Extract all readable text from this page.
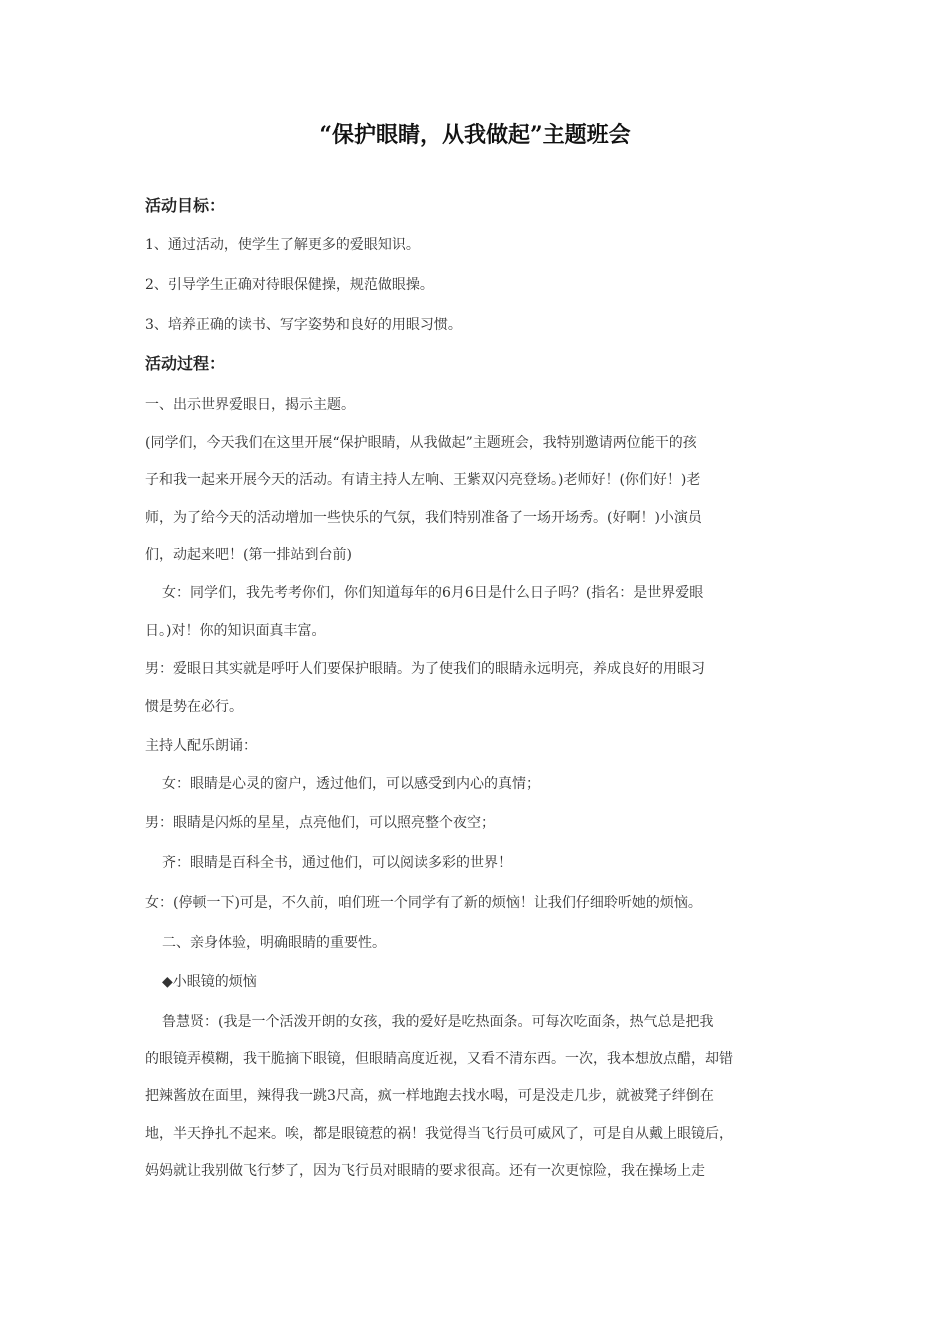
“保护眼睛，从我做起”主题班会
活动目标：
1、通过活动，使学生了解更多的爱眼知识。
2、引导学生正确对待眼保健操，规范做眼操。
3、培养正确的读书、写字姿势和良好的用眼习惯。
活动过程：
一、出示世界爱眼日，揭示主题。
(同学们，今天我们在这里开展“保护眼睛，从我做起”主题班会，我特别邀请两位能干的孩
子和我一起来开展今天的活动。有请主持人左响、王紫双闪亮登场。)老师好！(你们好！)老
师，为了给今天的活动增加一些快乐的气氛，我们特别准备了一场开场秀。(好啊！)小演员
们，动起来吧！(第一排站到台前)
女：同学们，我先考考你们，你们知道每年的6月6日是什么日子吗？(指名：是世界爱眼
日。)对！你的知识面真丰富。
男：爱眼日其实就是呼吁人们要保护眼睛。为了使我们的眼睛永远明亮，养成良好的用眼习
惯是势在必行。
主持人配乐朗诵：
女：眼睛是心灵的窗户，透过他们，可以感受到内心的真情；
男：眼睛是闪烁的星星，点亮他们，可以照亮整个夜空；
齐：眼睛是百科全书，通过他们，可以阅读多彩的世界！
女：(停顿一下)可是，不久前，咱们班一个同学有了新的烦恼！让我们仔细聆听她的烦恼。
二、亲身体验，明确眼睛的重要性。
◆小眼镜的烦恼
鲁慧贤：(我是一个活泼开朗的女孩，我的爱好是吃热面条。可每次吃面条，热气总是把我
的眼镜弄模糊，我干脆摘下眼镜，但眼睛高度近视，又看不清东西。一次，我本想放点醋，却错
把辣酱放在面里，辣得我一跳3尺高，疯一样地跑去找水喝，可是没走几步，就被凳子绊倒在
地，半天挣扎不起来。唉，都是眼镜惹的祸！我觉得当飞行员可威风了，可是自从戴上眼镜后，
妈妈就让我别做飞行梦了，因为飞行员对眼睛的要求很高。还有一次更惊险，我在操场上走
